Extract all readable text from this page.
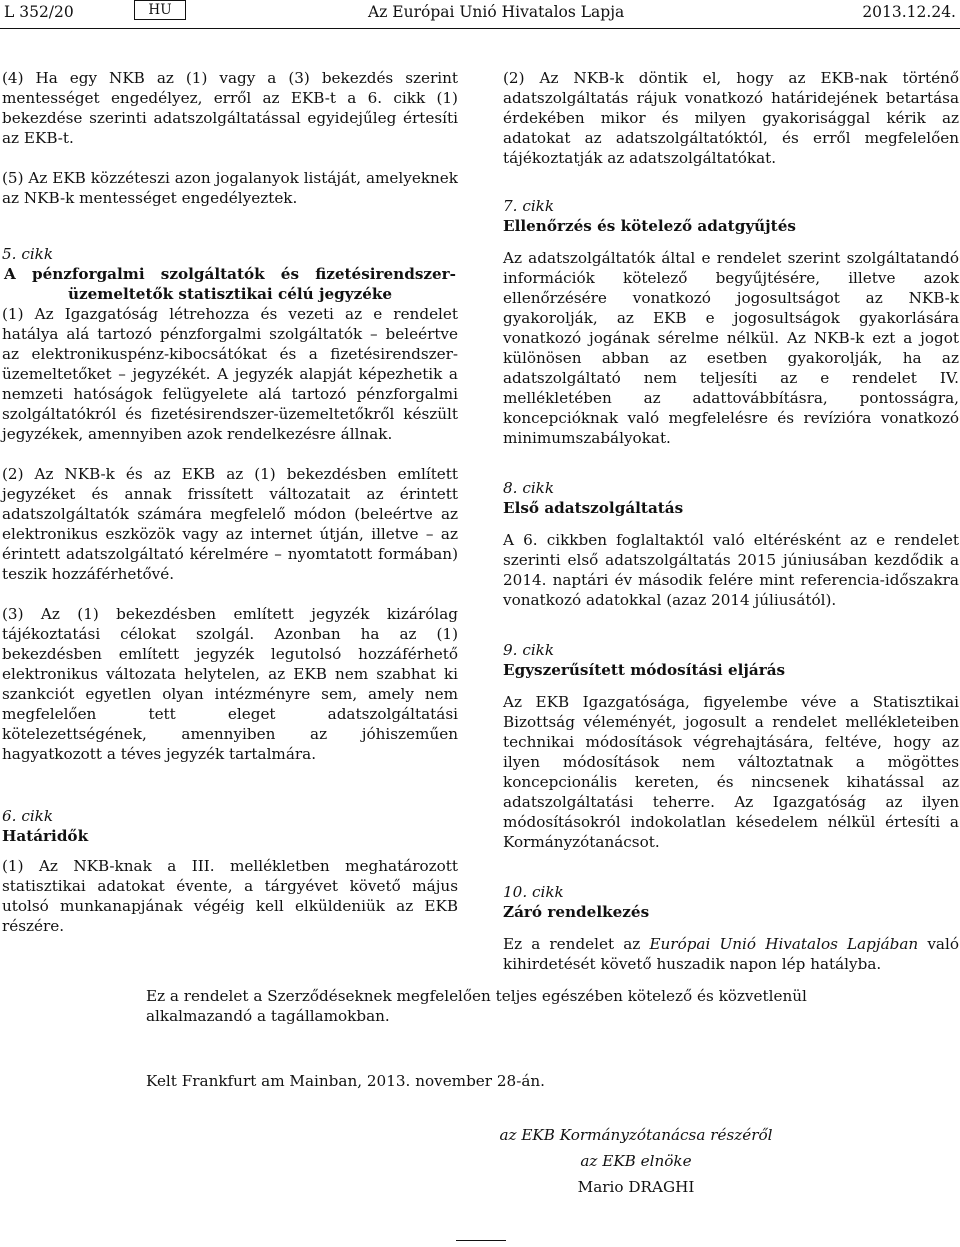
L 352/20	HU	Az Európai Unió Hivatalos Lapja	2013.12.24.

(4) Ha egy NKB az (1) vagy a (3) bekezdés szerint mentességet engedélyez, erről az EKB-t a 6. cikk (1) bekezdése szerinti adatszolgáltatással egyidejűleg értesíti az EKB-t.

(5) Az EKB közzéteszi azon jogalanyok listáját, amelyeknek az NKB-k mentességet engedélyeztek.

5. cikk

A pénzforgalmi szolgáltatók és fizetésirendszer-üzemeltetők statisztikai célú jegyzéke

(1) Az Igazgatóság létrehozza és vezeti az e rendelet hatálya alá tartozó pénzforgalmi szolgáltatók – beleértve az elektronikuspénz-kibocsátókat és a fizetésirendszer-üzemeltetőket – jegyzékét. A jegyzék alapját képezhetik a nemzeti hatóságok felügyelete alá tartozó pénzforgalmi szolgáltatókról és fizetésirendszer-üzemeltetőkről készült jegyzékek, amennyiben azok rendelkezésre állnak.

(2) Az NKB-k és az EKB az (1) bekezdésben említett jegyzéket és annak frissített változatait az érintett adatszolgáltatók számára megfelelő módon (beleértve az elektronikus eszközök vagy az internet útján, illetve – az érintett adatszolgáltató kérelmére – nyomtatott formában) teszik hozzáférhetővé.

(3) Az (1) bekezdésben említett jegyzék kizárólag tájékoztatási célokat szolgál. Azonban ha az (1) bekezdésben említett jegyzék legutolsó hozzáférhető elektronikus változata helytelen, az EKB nem szabhat ki szankciót egyetlen olyan intézményre sem, amely nem megfelelően tett eleget adatszolgáltatási kötelezettségének, amennyiben az jóhiszeműen hagyatkozott a téves jegyzék tartalmára.

6. cikk

Határidők

(1) Az NKB-knak a III. mellékletben meghatározott statisztikai adatokat évente, a tárgyévet követő május utolsó munkanapjának végéig kell elküldeniük az EKB részére.

(2) Az NKB-k döntik el, hogy az EKB-nak történő adatszolgáltatás rájuk vonatkozó határidejének betartása érdekében mikor és milyen gyakorisággal kérik az adatokat az adatszolgáltatóktól, és erről megfelelően tájékoztatják az adatszolgáltatókat.

7. cikk

Ellenőrzés és kötelező adatgyűjtés

Az adatszolgáltatók által e rendelet szerint szolgáltatandó információk kötelező begyűjtésére, illetve azok ellenőrzésére vonatkozó jogosultságot az NKB-k gyakorolják, az EKB e jogosultságok gyakorlására vonatkozó jogának sérelme nélkül. Az NKB-k ezt a jogot különösen abban az esetben gyakorolják, ha az adatszolgáltató nem teljesíti az e rendelet IV. mellékletében az adattovábbításra, pontosságra, koncepcióknak való megfelelésre és revízióra vonatkozó minimumszabályokat.

8. cikk

Első adatszolgáltatás

A 6. cikkben foglaltaktól való eltérésként az e rendelet szerinti első adatszolgáltatás 2015 júniusában kezdődik a 2014. naptári év második felére mint referencia-időszakra vonatkozó adatokkal (azaz 2014 júliusától).

9. cikk

Egyszerűsített módosítási eljárás

Az EKB Igazgatósága, figyelembe véve a Statisztikai Bizottság véleményét, jogosult a rendelet mellékleteiben technikai módosítások végrehajtására, feltéve, hogy az ilyen módosítások nem változtatnak a mögöttes koncepcionális kereten, és nincsenek kihatással az adatszolgáltatási teherre. Az Igazgatóság az ilyen módosításokról indokolatlan késedelem nélkül értesíti a Kormányzótanácsot.

10. cikk

Záró rendelkezés

Ez a rendelet az Európai Unió Hivatalos Lapjában való kihirdetését követő huszadik napon lép hatályba.

Ez a rendelet a Szerződéseknek megfelelően teljes egészében kötelező és közvetlenül alkalmazandó a tagállamokban.
Kelt Frankfurt am Mainban, 2013. november 28-án.
az EKB Kormányzótanácsa részéről
az EKB elnöke
Mario DRAGHI
